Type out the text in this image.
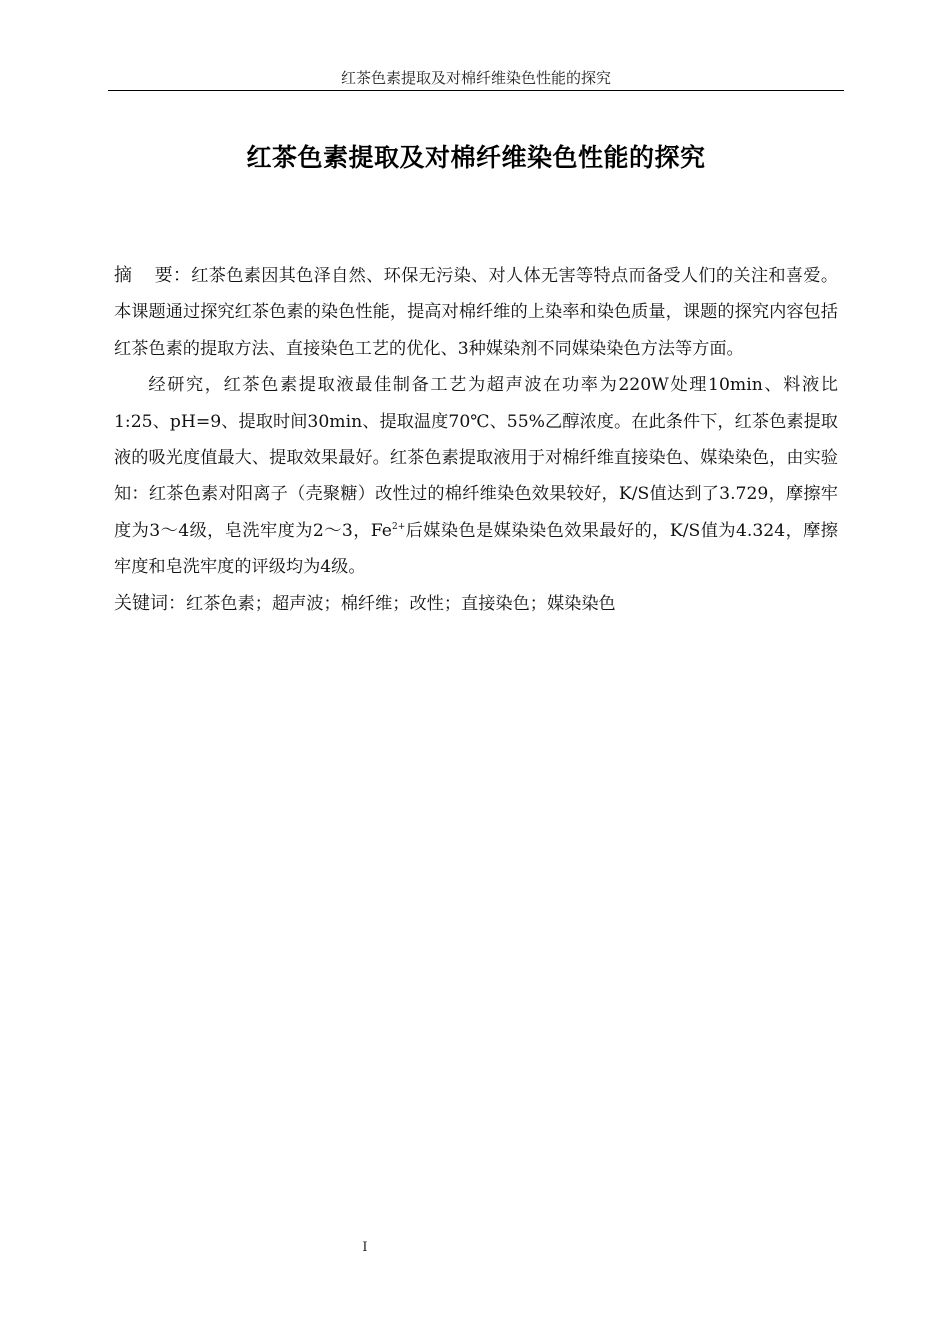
红茶色素提取及对棉纤维染色性能的探究
红茶色素提取及对棉纤维染色性能的探究

摘 要：红茶色素因其色泽自然、环保无污染、对人体无害等特点而备受人们的关注和喜爱。本课题通过探究红茶色素的染色性能，提高对棉纤维的上染率和染色质量，课题的探究内容包括红茶色素的提取方法、直接染色工艺的优化、3种媒染剂不同媒染染色方法等方面。

经研究，红茶色素提取液最佳制备工艺为超声波在功率为220W处理10min、料液比1:25、pH=9、提取时间30min、提取温度70℃、55%乙醇浓度。在此条件下，红茶色素提取液的吸光度值最大、提取效果最好。红茶色素提取液用于对棉纤维直接染色、媒染染色，由实验知：红茶色素对阳离子（壳聚糖）改性过的棉纤维染色效果较好，K/S值达到了3.729，摩擦牢度为3～4级，皂洗牢度为2～3，$Fe^{2+}$后媒染色是媒染染色效果最好的，K/S值为4.324，摩擦牢度和皂洗牢度的评级均为4级。

关键词：红茶色素；超声波；棉纤维；改性；直接染色；媒染染色

I
